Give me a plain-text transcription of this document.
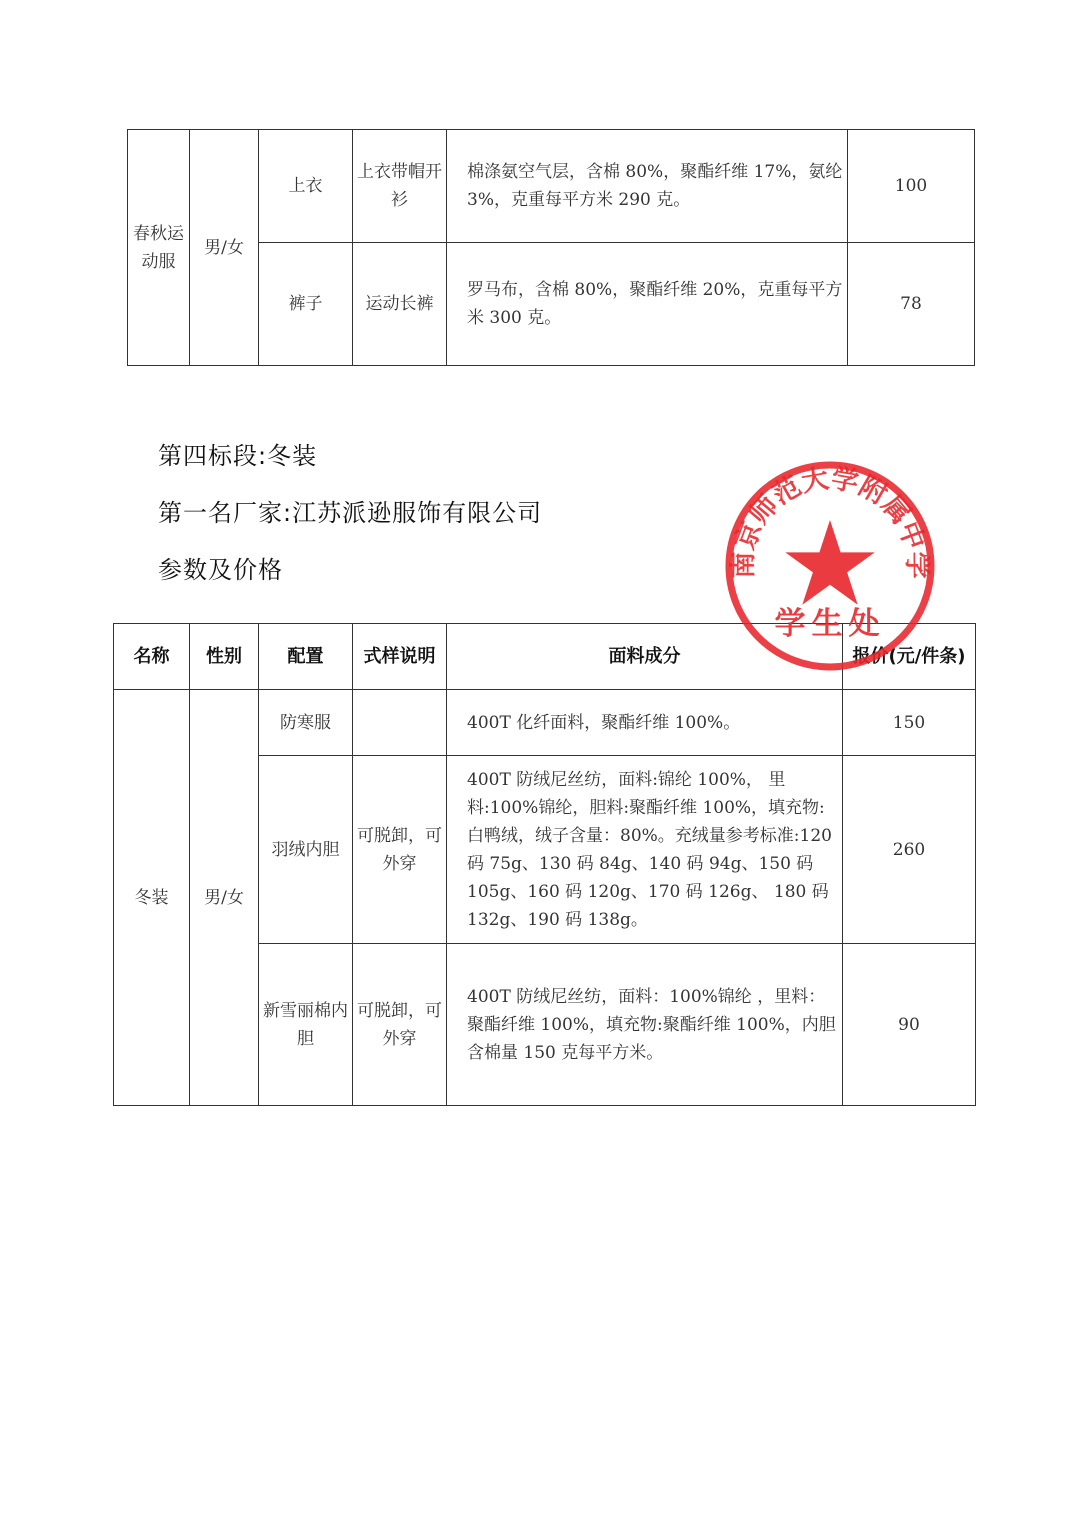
春秋运动服	男/女	上衣	上衣带帽开衫	棉涤氨空气层，含棉 80%，聚酯纤维 17%，氨纶 3%，克重每平方米 290 克。	100
		裤子	运动长裤	罗马布，含棉 80%，聚酯纤维 20%，克重每平方米 300 克。	78
第四标段:冬装
第一名厂家:江苏派逊服饰有限公司
参数及价格
名称	性别	配置	式样说明	面料成分	报价(元/件条)
冬装	男/女	防寒服		400T 化纤面料，聚酯纤维 100%。	150
		羽绒内胆	可脱卸，可外穿	400T 防绒尼丝纺，面料:锦纶 100%， 里料:100%锦纶，胆料:聚酯纤维 100%，填充物:白鸭绒，绒子含量：80%。充绒量参考标准:120 码 75g、130 码 84g、140 码 94g、150 码 105g、160 码 120g、170 码 126g、 180 码 132g、190 码 138g。	260
		新雪丽棉内胆	可脱卸，可外穿	400T 防绒尼丝纺，面料：100%锦纶 ，里料：聚酯纤维 100%，填充物:聚酯纤维 100%，内胆含棉量 150 克每平方米。	90
南京师范大学附属中学
学生处
